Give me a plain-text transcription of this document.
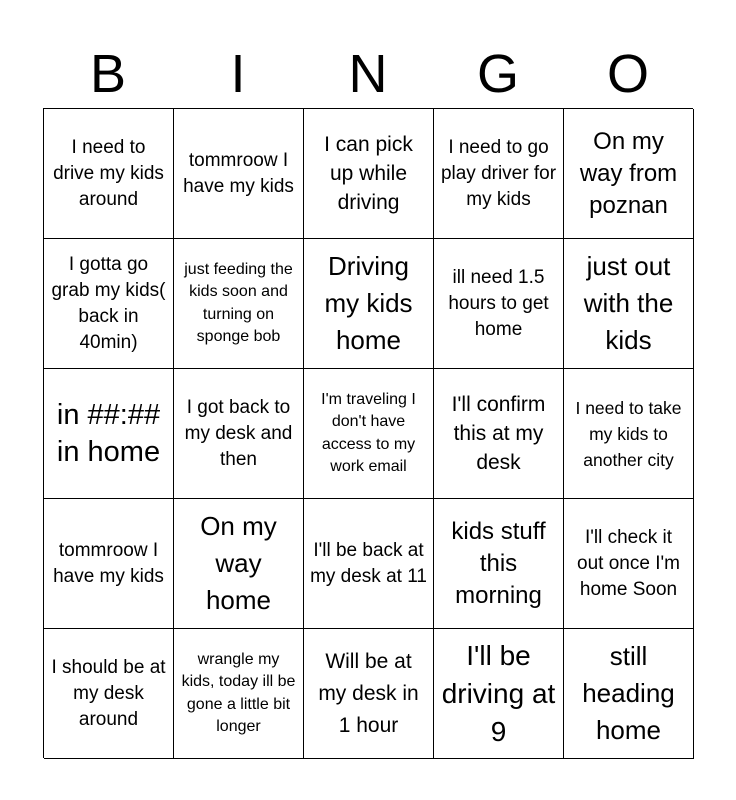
B	I	N	G	O
I need to drive my kids around
tommroow I have my kids
I can pick up while driving
I need to go play driver for my kids
On my way from poznan
I gotta go grab my kids( back in 40min)
just feeding the kids soon and turning on sponge bob
Driving my kids home
ill need 1.5 hours to get home
just out with the kids
in ##:## in home
I got back to my desk and then
I'm traveling I don't have access to my work email
I'll confirm this at my desk
I need to take my kids to another city
tommroow I have my kids
On my way home
I'll be back at my desk at 11
kids stuff this morning
I'll check it out once I'm home Soon
I should be at my desk around
wrangle my kids, today ill be gone a little bit longer
Will be at my desk in 1 hour
I'll be driving at 9
still heading home
